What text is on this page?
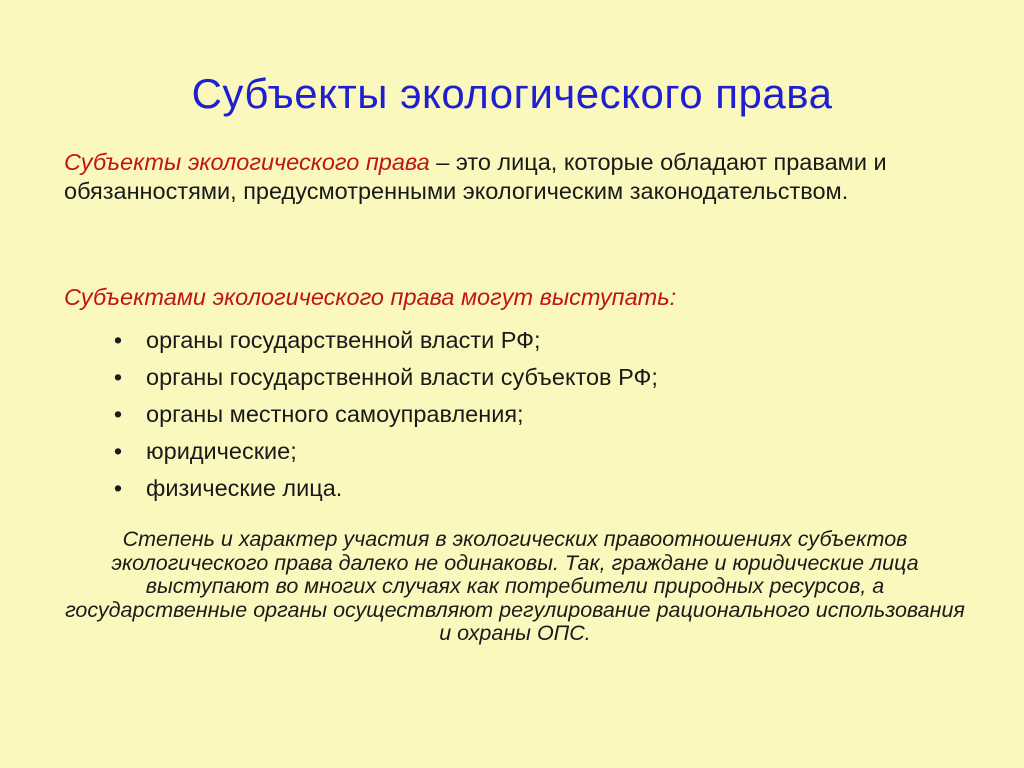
Субъекты экологического права
Субъекты экологического права – это лица, которые обладают правами и обязанностями, предусмотренными экологическим законодательством.
Субъектами экологического права могут выступать:
• органы государственной власти РФ;
• органы государственной власти субъектов РФ;
• органы местного самоуправления;
• юридические;
• физические лица.
Степень и характер участия в экологических правоотношениях субъектов экологического права далеко не одинаковы. Так, граждане и юридические лица выступают во многих случаях как потребители природных ресурсов, а государственные органы осуществляют регулирование рационального использования и охраны ОПС.
